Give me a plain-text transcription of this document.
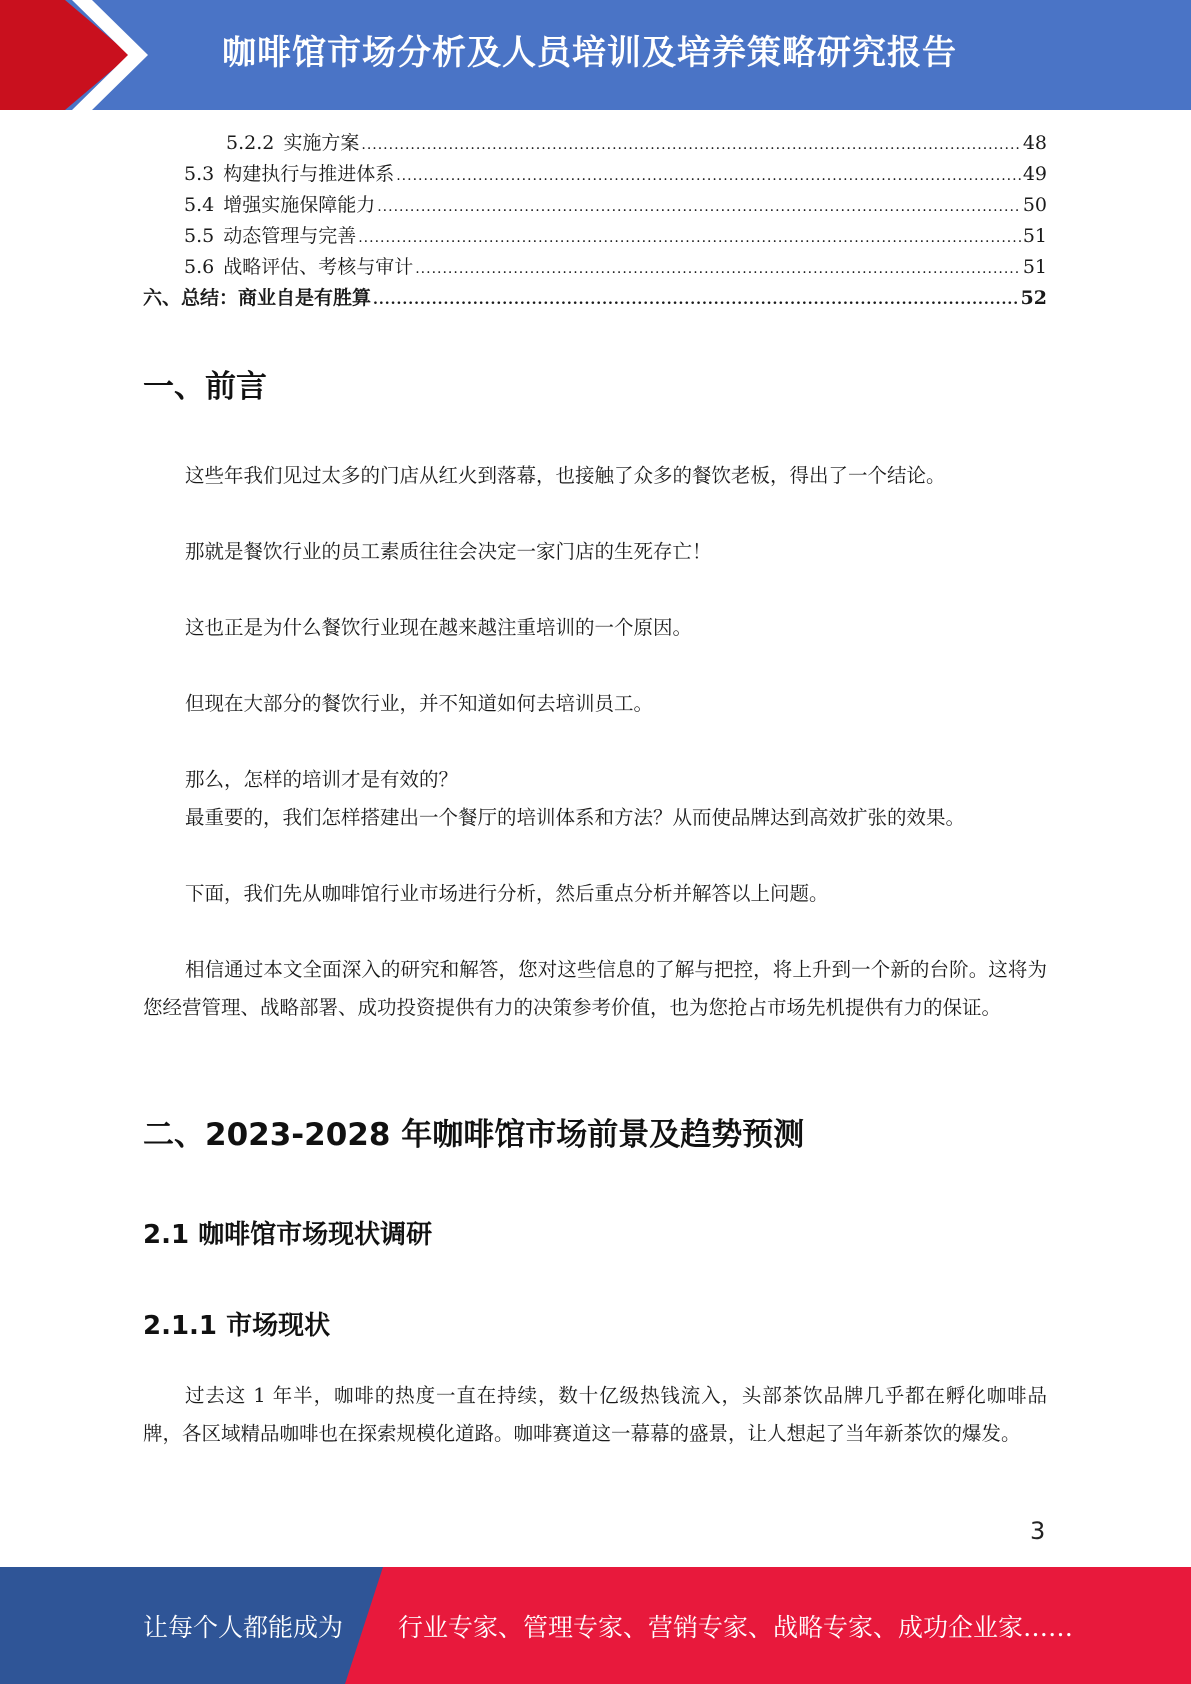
咖啡馆市场分析及人员培训及培养策略研究报告
5.2.2 实施方案 .....	48
5.3 构建执行与推进体系 .....	49
5.4 增强实施保障能力 .....	50
5.5 动态管理与完善 .....	51
5.6 战略评估、考核与审计 .....	51
六、总结：商业自是有胜算 .....	52
一、前言

这些年我们见过太多的门店从红火到落幕，也接触了众多的餐饮老板，得出了一个结论。

那就是餐饮行业的员工素质往往会决定一家门店的生死存亡！

这也正是为什么餐饮行业现在越来越注重培训的一个原因。

但现在大部分的餐饮行业，并不知道如何去培训员工。

那么，怎样的培训才是有效的？

最重要的，我们怎样搭建出一个餐厅的培训体系和方法？从而使品牌达到高效扩张的效果。

下面，我们先从咖啡馆行业市场进行分析，然后重点分析并解答以上问题。

相信通过本文全面深入的研究和解答，您对这些信息的了解与把控，将上升到一个新的台阶。这将为您经营管理、战略部署、成功投资提供有力的决策参考价值，也为您抢占市场先机提供有力的保证。

二、2023-2028 年咖啡馆市场前景及趋势预测
2.1 咖啡馆市场现状调研
2.1.1 市场现状

过去这 1 年半，咖啡的热度一直在持续，数十亿级热钱流入，头部茶饮品牌几乎都在孵化咖啡品牌，各区域精品咖啡也在探索规模化道路。咖啡赛道这一幕幕的盛景，让人想起了当年新茶饮的爆发。

3
让每个人都能成为 行业专家、管理专家、营销专家、战略专家、成功企业家……
